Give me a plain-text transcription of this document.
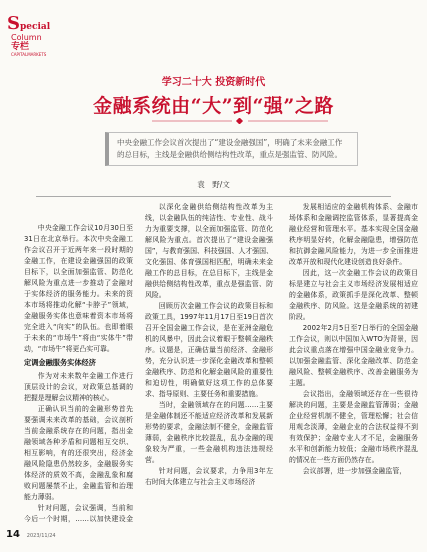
Special
Column
专栏
CAPITALMARKETS
学习二十大 投资新时代
金融系统由“大”到“强”之路
中央金融工作会议首次提出了“建设金融强国”，明确了未来金融工作的总目标，主线是金融供给侧结构性改革，重点是强监管、防风险。
袁　野/文

中央金融工作会议10月30日至31日在北京举行。本次中央金融工作会议召开于近两年来一段时期的金融工作，在建设金融强国的政策目标下，以全面加强监管、防范化解风险为重点进一步推动了金融对于实体经济的服务能力。未来的资本市场将推动化解“卡脖子”领域，金融服务实体也意味着资本市场将完全进入“向实”的队伍。也即着眼于未来的“市场牛”将由“实体牛”带动，“市场牛”将更凸实可靠。

定调金融服务实体经济

作为对未来数年金融工作进行顶层设计的会议，对政策总基调的把握是理解会议精神的核心。

正确认识当前的金融形势首先要强调未来改革的基础，会议剖析当前金融系统存在的问题，指出金融领域各种矛盾和问题相互交织、相互影响，有的还很突出，经济金融风险隐患仍然较多，金融服务实体经济的质效不高，金融乱象和腐败问题屡禁不止，金融监管和治理能力薄弱。

针对问题，会议强调，当前和今后一个时期，……以加快建设金

以深化金融供给侧结构性改革为主线，以金融队伍的纯洁性、专业性、战斗力为重要支撑，以全面加强监管、防范化解风险为重点。首次提出了“建设金融强国”，与教育强国、科技强国、人才强国、文化强国、体育强国相匹配，明确未来金融工作的总目标，在总目标下，主线是金融供给侧结构性改革，重点是强监管、防风险。

回顾历次金融工作会议的政策目标和政策工具，1997年11月17日至19日首次召开全国金融工作会议，是在亚洲金融危机的风暴中，因此会议着眼于整顿金融秩序。议题是，正确估量当前经济、金融形势，充分认识进一步深化金融改革和整顿金融秩序、防范和化解金融风险的重要性和迫切性，明确做好这项工作的总体要求、指导原则、主要任务和重要措施。

当时，金融领域存在的问题……主要是金融体制还不能适应经济改革和发展新形势的要求，金融法制不健全，金融监管薄弱，金融秩序比较混乱，乱办金融的现象较为严重，一些金融机构违法违规经营。

针对问题，会议要求，力争用3年左右时间大体建立与社会主义市场经济

发展相适应的金融机构体系、金融市场体系和金融调控监管体系，显著提高金融业经营和管理水平。基本实现全国金融秩序明显好转，化解金融隐患，增强防范和抗御金融风险能力，为进一步全面推进改革开放和现代化建设创造良好条件。

因此，这一次金融工作会议的政策目标是建立与社会主义市场经济发展相适应的金融体系，政策抓手是深化改革、整顿金融秩序、防风险。这是金融系统的初建阶段。

2002年2月5日至7日举行的全国金融工作会议，则以中国加入WTO为背景，因此会议重点落在增强中国金融业竞争力。以加强金融监管、深化金融改革、防范金融风险、整顿金融秩序、改善金融服务为主题。

会议指出，金融领域还存在一些很待解决的问题，主要是金融监管薄弱；金融企业经营机制不健全，管理松懈；社会信用观念淡薄，金融企业的合法权益得不到有效保护；金融专业人才不足，金融服务水平和创新能力较低；金融市场秩序混乱的情况在一些方面仍然存在。

会议部署，进一步加强金融监管，

14 2023/11/24
